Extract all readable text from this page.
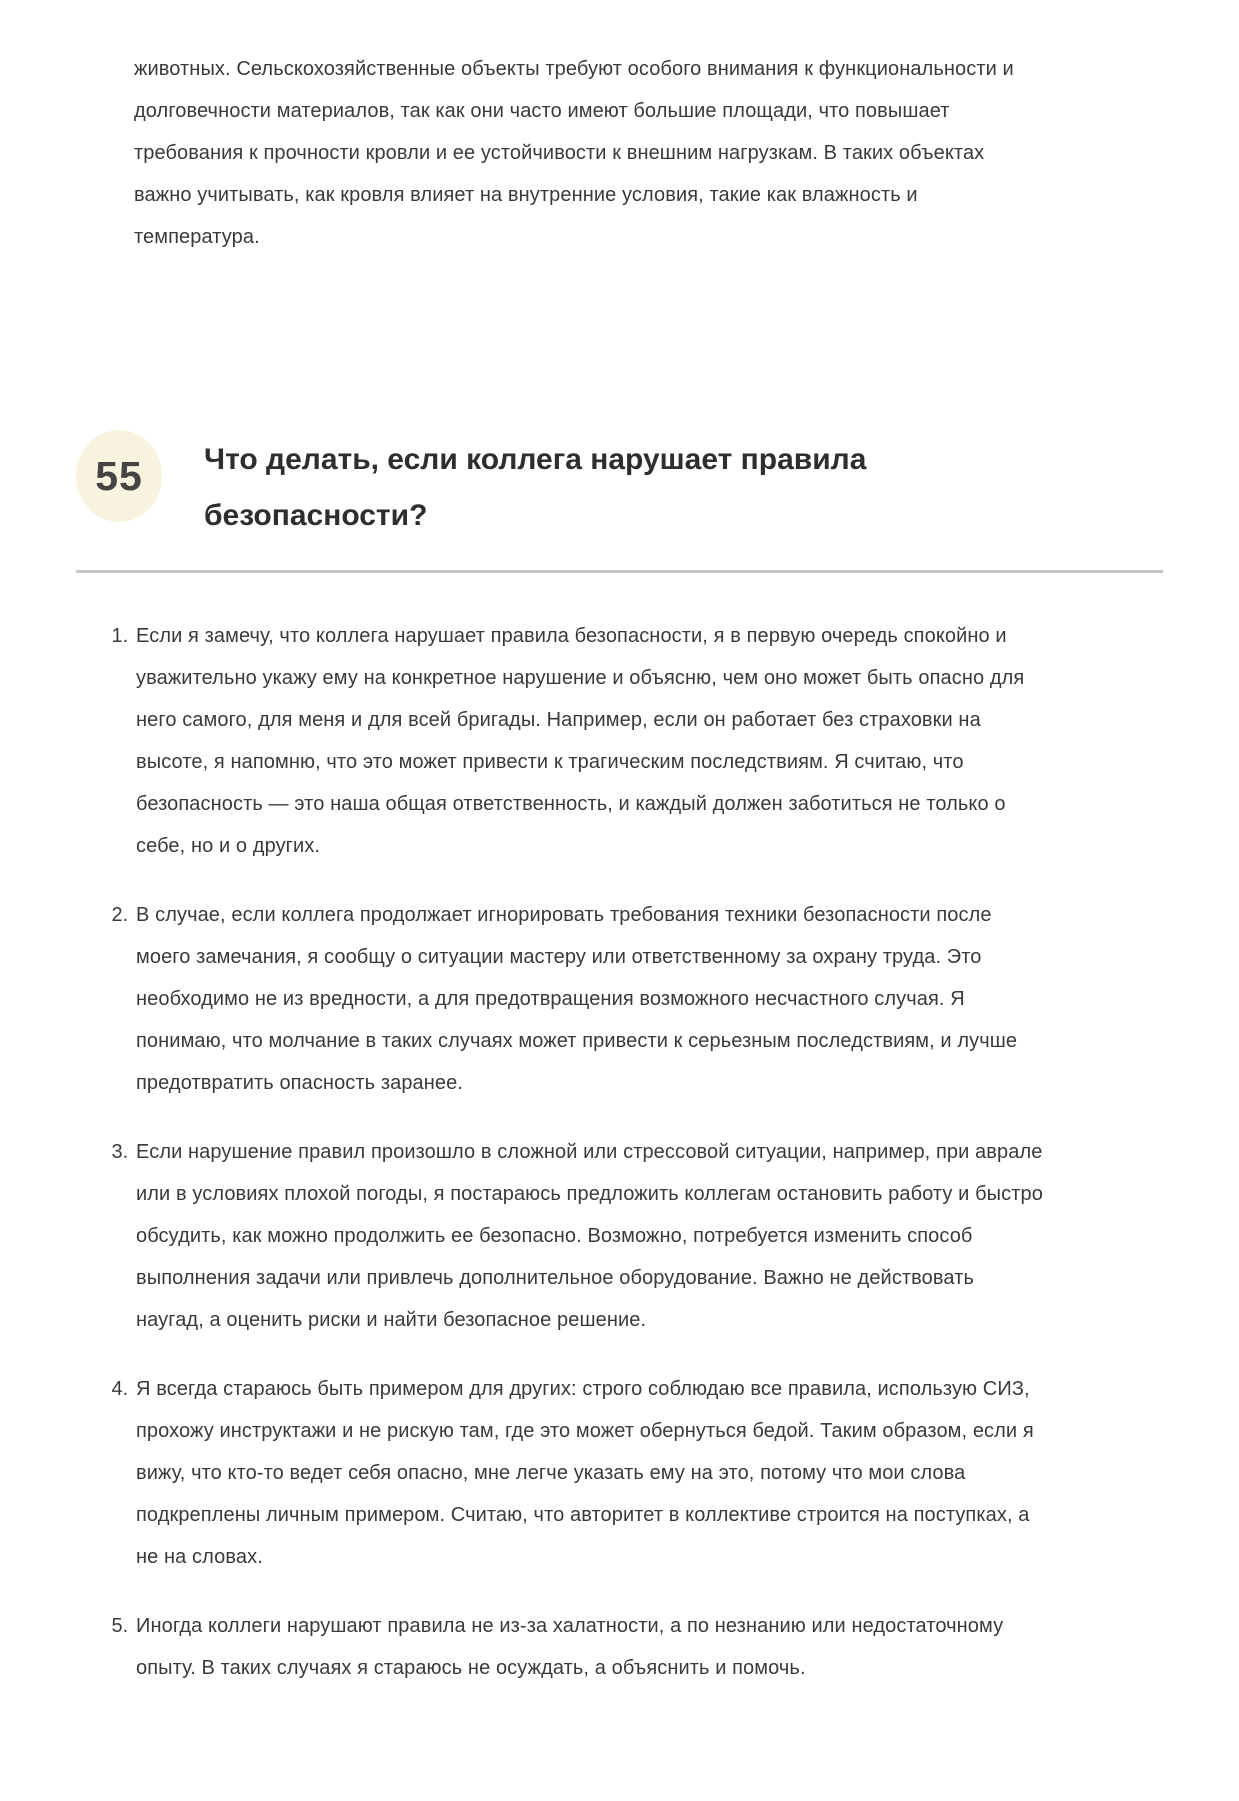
животных. Сельскохозяйственные объекты требуют особого внимания к функциональности и долговечности материалов, так как они часто имеют большие площади, что повышает требования к прочности кровли и ее устойчивости к внешним нагрузкам. В таких объектах важно учитывать, как кровля влияет на внутренние условия, такие как влажность и температура.

55 Что делать, если коллега нарушает правила безопасности?
1. Если я замечу, что коллега нарушает правила безопасности, я в первую очередь спокойно и уважительно укажу ему на конкретное нарушение и объясню, чем оно может быть опасно для него самого, для меня и для всей бригады. Например, если он работает без страховки на высоте, я напомню, что это может привести к трагическим последствиям. Я считаю, что безопасность — это наша общая ответственность, и каждый должен заботиться не только о себе, но и о других.
2. В случае, если коллега продолжает игнорировать требования техники безопасности после моего замечания, я сообщу о ситуации мастеру или ответственному за охрану труда. Это необходимо не из вредности, а для предотвращения возможного несчастного случая. Я понимаю, что молчание в таких случаях может привести к серьезным последствиям, и лучше предотвратить опасность заранее.
3. Если нарушение правил произошло в сложной или стрессовой ситуации, например, при аврале или в условиях плохой погоды, я постараюсь предложить коллегам остановить работу и быстро обсудить, как можно продолжить ее безопасно. Возможно, потребуется изменить способ выполнения задачи или привлечь дополнительное оборудование. Важно не действовать наугад, а оценить риски и найти безопасное решение.
4. Я всегда стараюсь быть примером для других: строго соблюдаю все правила, использую СИЗ, прохожу инструктажи и не рискую там, где это может обернуться бедой. Таким образом, если я вижу, что кто-то ведет себя опасно, мне легче указать ему на это, потому что мои слова подкреплены личным примером. Считаю, что авторитет в коллективе строится на поступках, а не на словах.
5. Иногда коллеги нарушают правила не из-за халатности, а по незнанию или недостаточному опыту. В таких случаях я стараюсь не осуждать, а объяснить и помочь.
